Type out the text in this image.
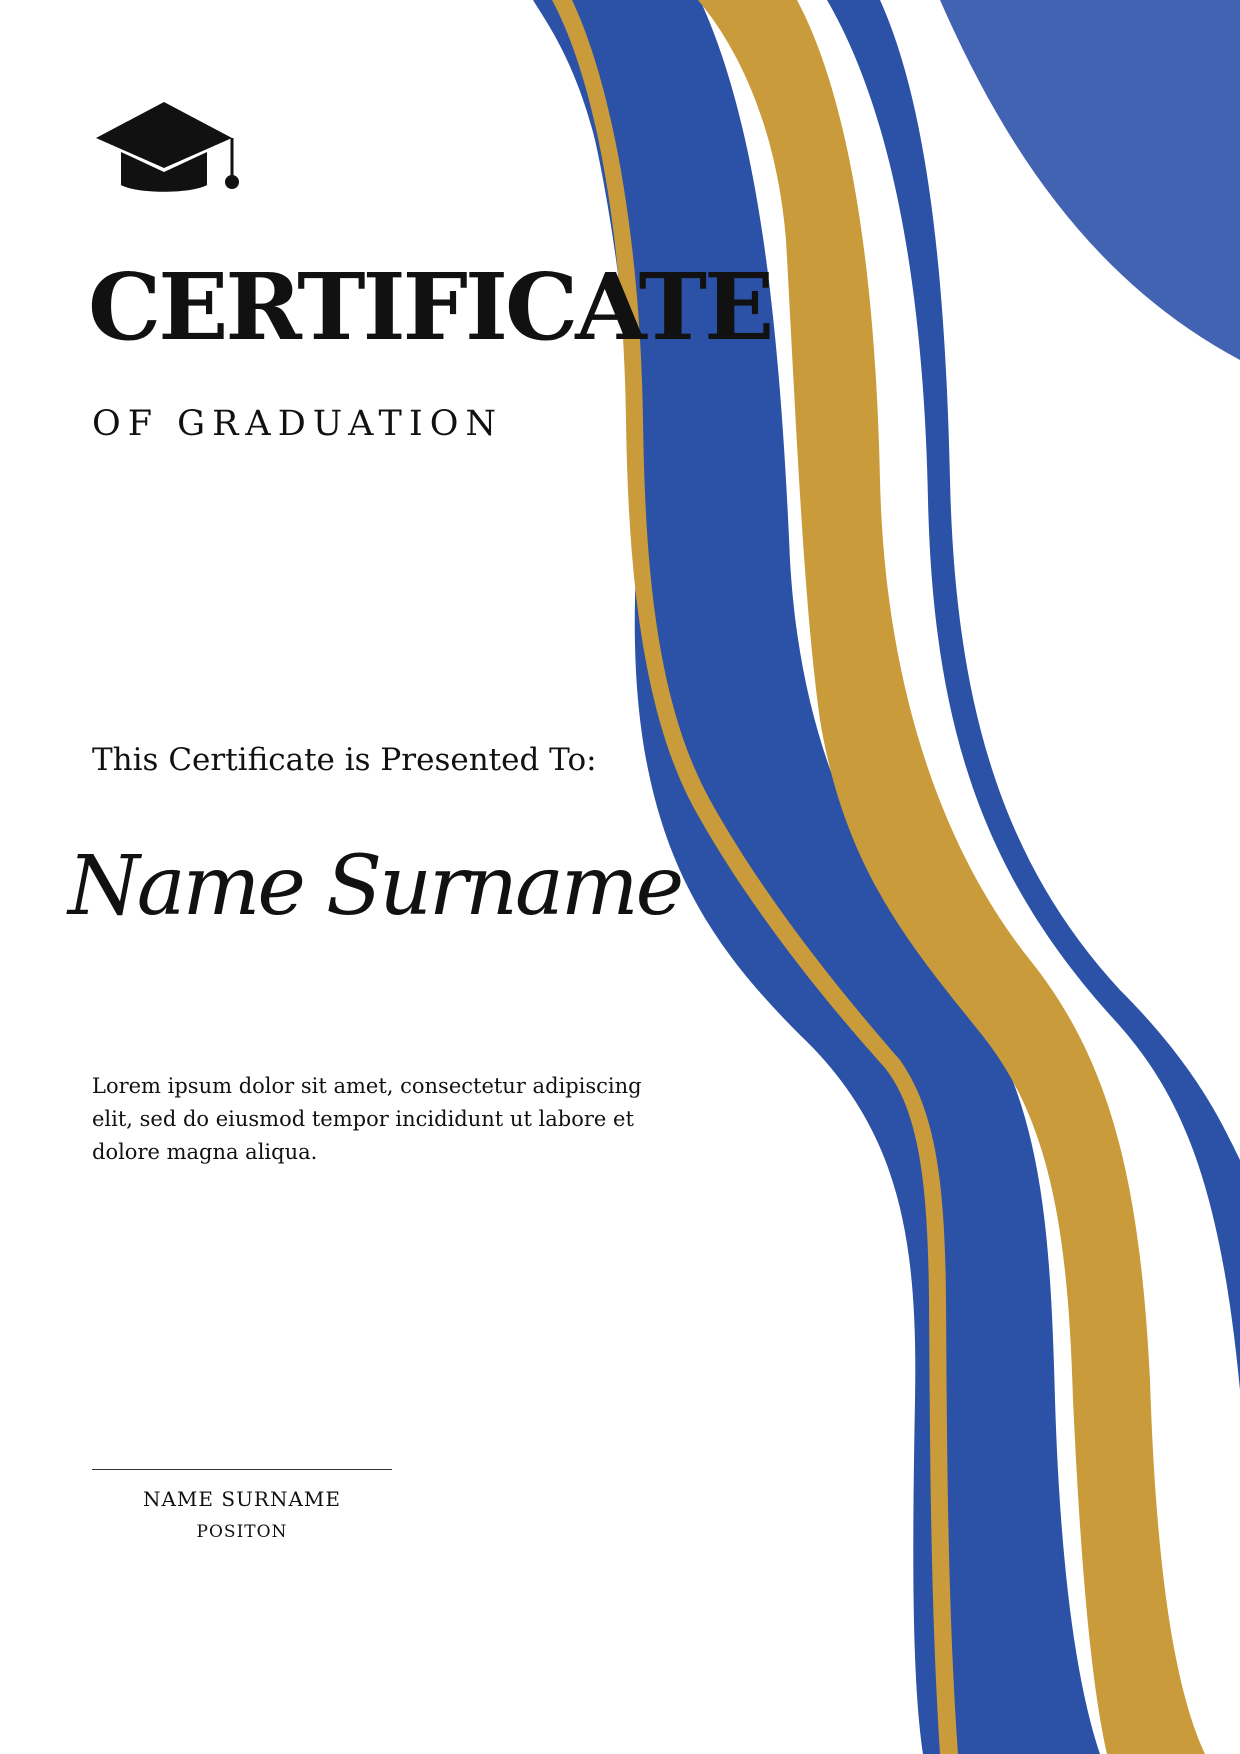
CERTIFICATE
OF GRADUATION

This Certificate is Presented To:

Name Surname

Lorem ipsum dolor sit amet, consectetur adipiscing elit, sed do eiusmod tempor incididunt ut labore et dolore magna aliqua.

NAME SURNAME

POSITON
